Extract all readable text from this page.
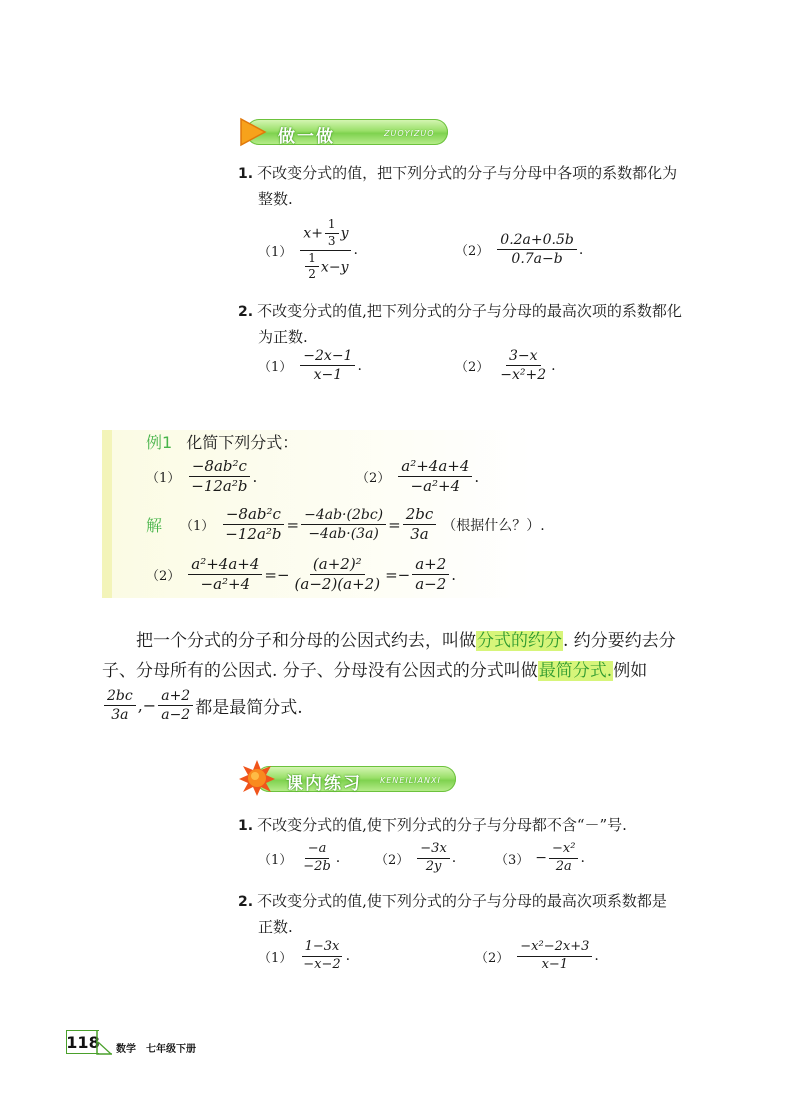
做一做	ZUOYIZUO
1. 不改变分式的值，把下列分式的分子与分母中各项的系数都化为
整数.
$(1) \frac{x+ \frac{1}{3} y}{\frac{1}{2} x-y}$ .	$(2) \frac{0.2a+0.5b}{0.7a-b}$ .
2. 不改变分式的值,把下列分式的分子与分母的最高次项的系数都化
为正数.
$(1) \frac{-2x-1}{x-1}$ .	$(2) \frac{3-x}{\text{−x²+2}}$ .
例1 化简下列分式：
$(1) \frac{\text{−8ab²c}}{\text{−12a²b}}$ .	$(2) \frac{\text{a²+4a+4}}{\text{−a²+4}}$ .
解 $(1) \frac{\text{−8ab²c}}{\text{−12a²b}} = \frac{-4ab\cdot(2bc)}{-4ab\cdot(3a)} = \frac{2bc}{3a}$ （根据什么？）.
$(2) \frac{\text{a²+4a+4}}{\text{−a²+4}} =- \frac{\text{(a+2)²}}{(a-2)(a+2)} =- \frac{a+2}{a-2}$ .
把一个分式的分子和分母的公因式约去，叫做分式的约分. 约分要约去分子、分母所有的公因式. 分子、分母没有公因式的分式叫做最简分式.例如
$\frac{2bc}{3a}$ ,− $\frac{a+2}{a-2}$ 都是最简分式.
课内练习 KENEILIANXI
1. 不改变分式的值,使下列分式的分子与分母都不含“－”号.
$(1) \frac{-a}{-2b}$ .	$(2) \frac{-3x}{2y}$ .	$(3) - \frac{\text{−x²}}{2a}$ .
2. 不改变分式的值,使下列分式的分子与分母的最高次项系数都是
正数.
$(1) \frac{1-3x}{-x-2}$ .	$(2) \frac{\text{−x²−2x+3}}{x-1}$ .
118 数学　七年级下册
